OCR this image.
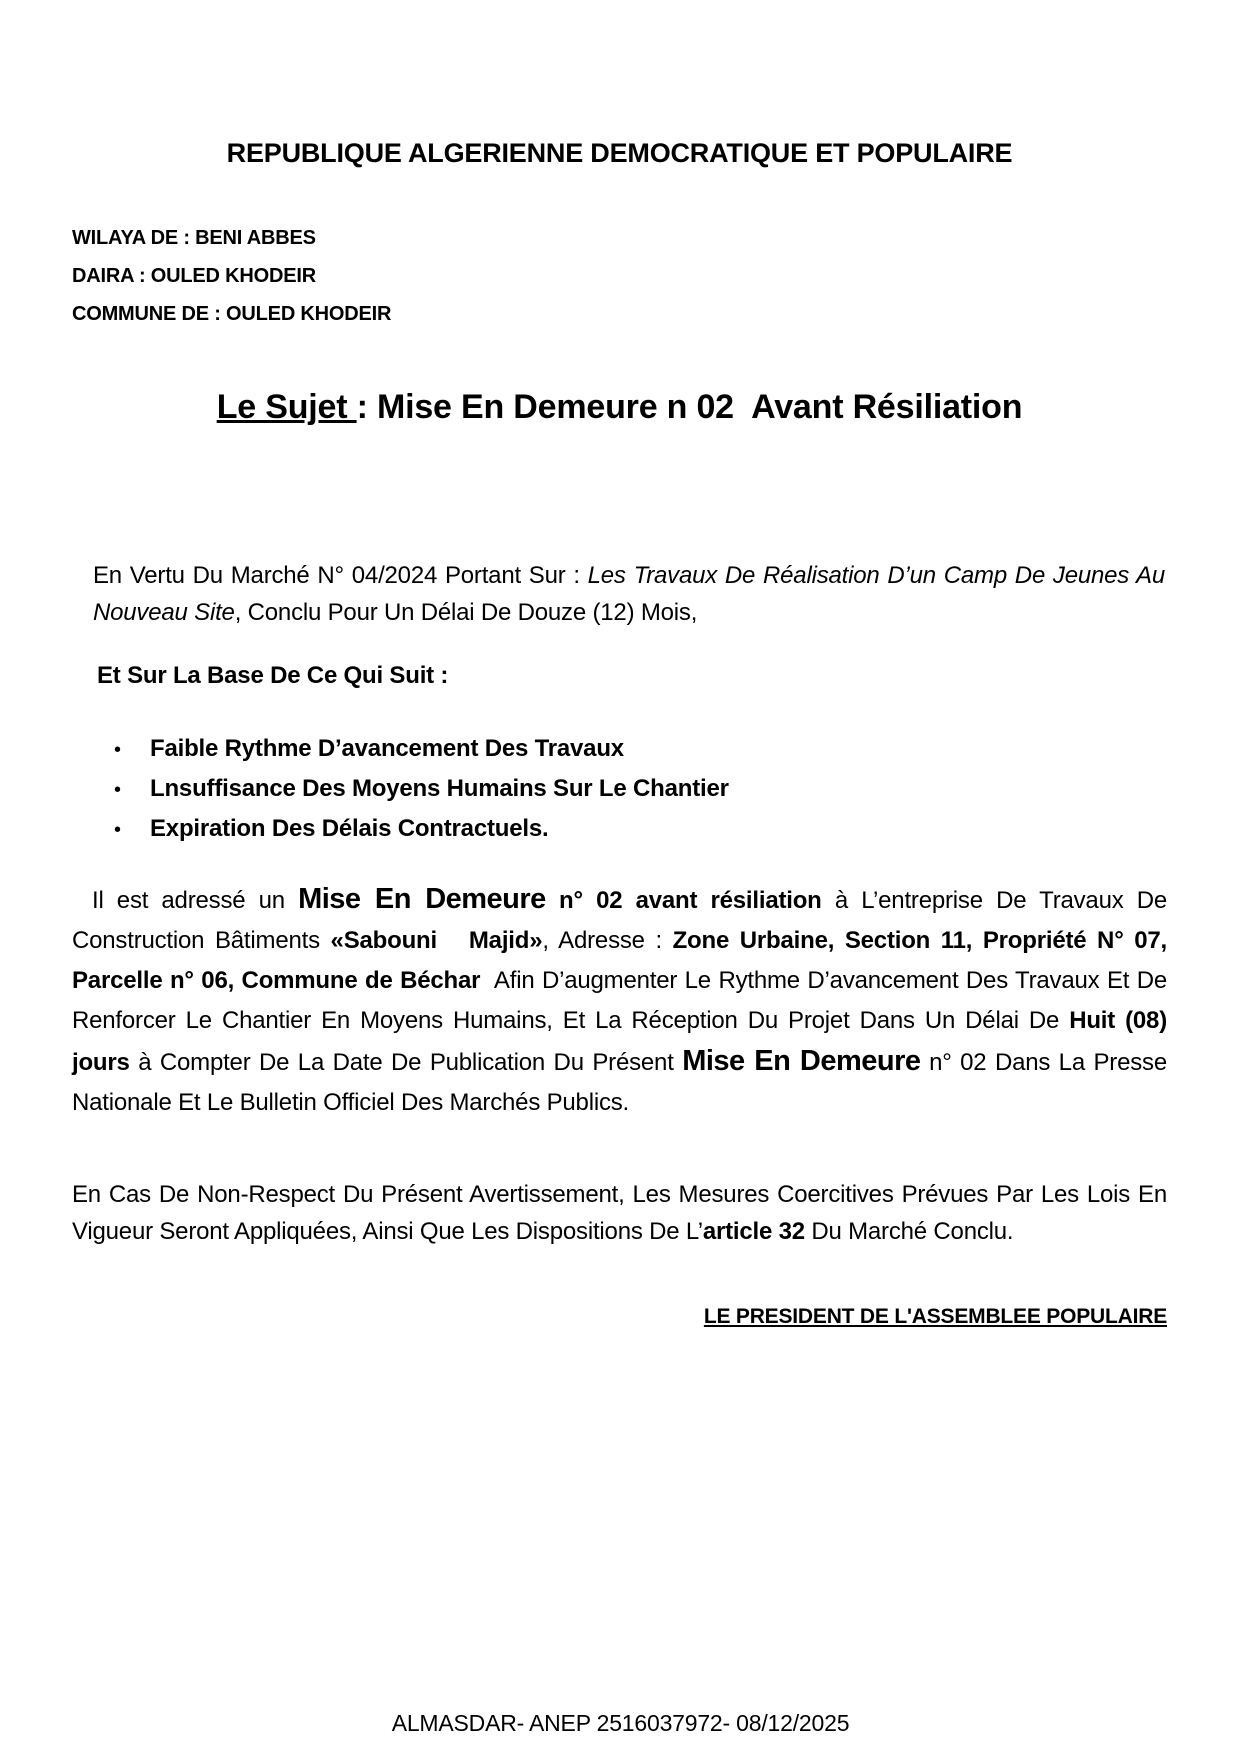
REPUBLIQUE ALGERIENNE DEMOCRATIQUE ET POPULAIRE
WILAYA DE : BENI ABBES
DAIRA : OULED KHODEIR
COMMUNE DE : OULED KHODEIR
Le Sujet : Mise En Demeure n 02  Avant Résiliation

En Vertu Du Marché N° 04/2024 Portant Sur : Les Travaux De Réalisation D’un Camp De Jeunes Au Nouveau Site, Conclu Pour Un Délai De Douze (12) Mois,

Et Sur La Base De Ce Qui Suit :

• Faible Rythme D’avancement Des Travaux
• Lnsuffisance Des Moyens Humains Sur Le Chantier
• Expiration Des Délais Contractuels.

Il est adressé un Mise En Demeure n° 02 avant résiliation à L’entreprise De Travaux De Construction Bâtiments «Sabouni   Majid», Adresse : Zone Urbaine, Section 11, Propriété N° 07, Parcelle n° 06, Commune de Béchar  Afin D’augmenter Le Rythme D’avancement Des Travaux Et De Renforcer Le Chantier En Moyens Humains, Et La Réception Du Projet Dans Un Délai De Huit (08) jours à Compter De La Date De Publication Du Présent Mise En Demeure n° 02 Dans La Presse Nationale Et Le Bulletin Officiel Des Marchés Publics.

En Cas De Non-Respect Du Présent Avertissement, Les Mesures Coercitives Prévues Par Les Lois En Vigueur Seront Appliquées, Ainsi Que Les Dispositions De L’article 32 Du Marché Conclu.

LE PRESIDENT DE L'ASSEMBLEE POPULAIRE
ALMASDAR- ANEP 2516037972- 08/12/2025
